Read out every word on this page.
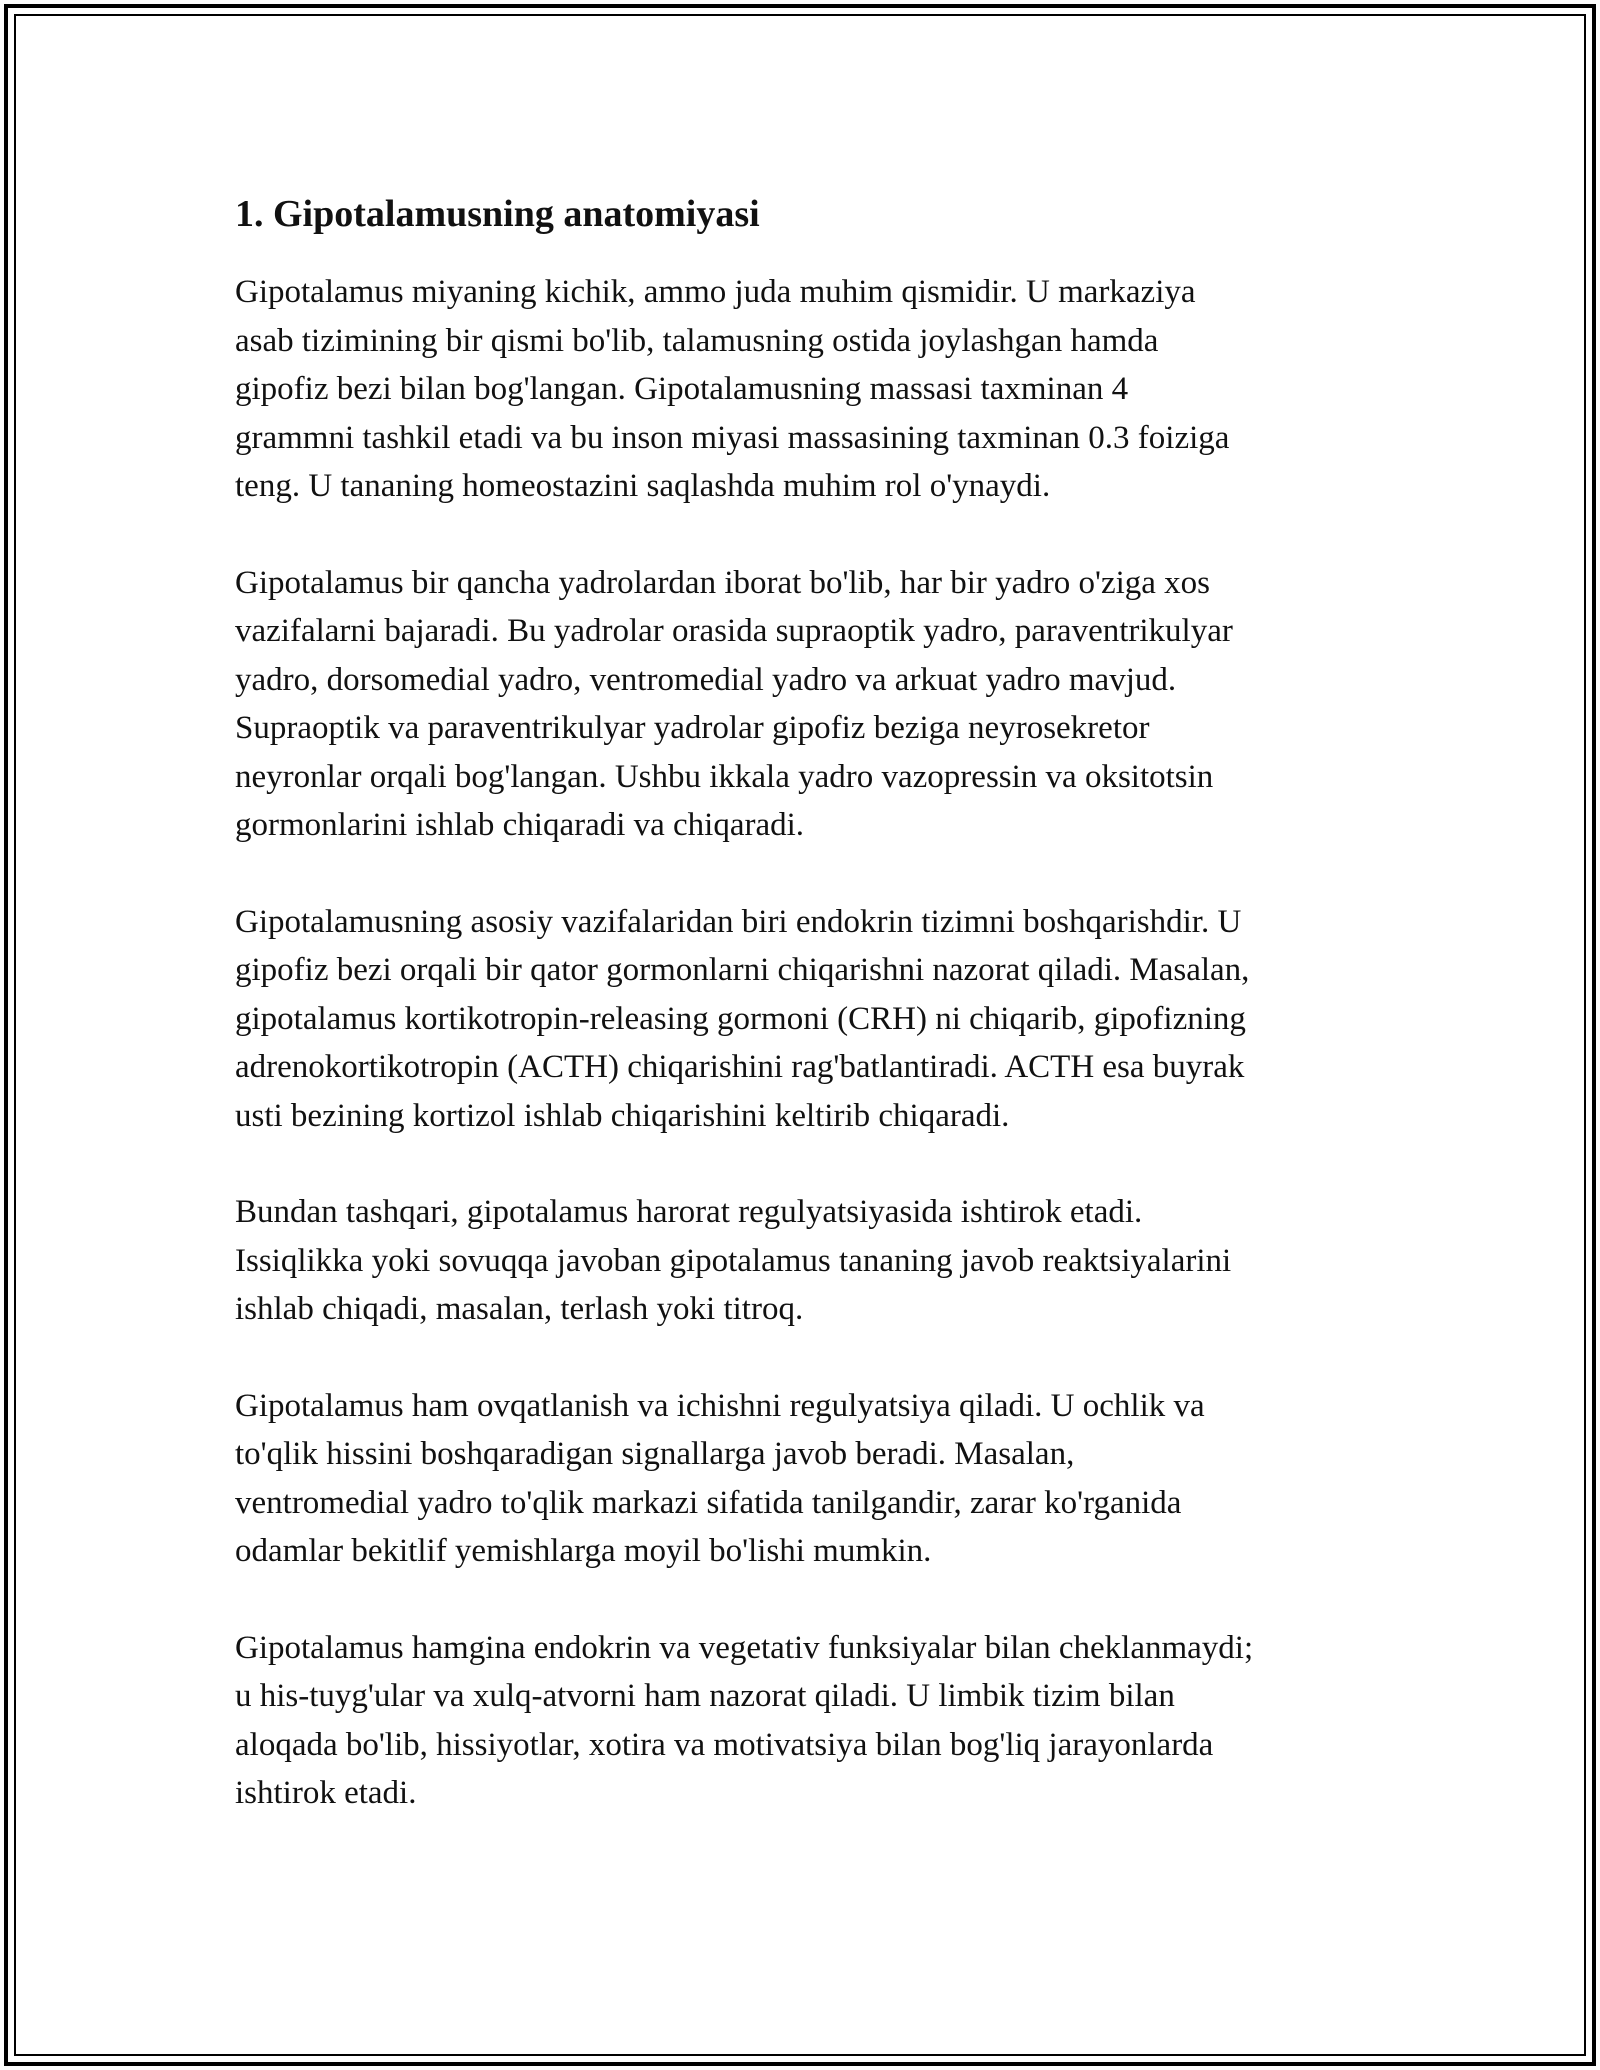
1. Gipotalamusning anatomiyasi

Gipotalamus miyaning kichik, ammo juda muhim qismidir. U markaziya
asab tizimining bir qismi bo'lib, talamusning ostida joylashgan hamda
gipofiz bezi bilan bog'langan. Gipotalamusning massasi taxminan 4
grammni tashkil etadi va bu inson miyasi massasining taxminan 0.3 foiziga
teng. U tananing homeostazini saqlashda muhim rol o'ynaydi.

Gipotalamus bir qancha yadrolardan iborat bo'lib, har bir yadro o'ziga xos
vazifalarni bajaradi. Bu yadrolar orasida supraoptik yadro, paraventrikulyar
yadro, dorsomedial yadro, ventromedial yadro va arkuat yadro mavjud.
Supraoptik va paraventrikulyar yadrolar gipofiz beziga neyrosekretor
neyronlar orqali bog'langan. Ushbu ikkala yadro vazopressin va oksitotsin
gormonlarini ishlab chiqaradi va chiqaradi.

Gipotalamusning asosiy vazifalaridan biri endokrin tizimni boshqarishdir. U
gipofiz bezi orqali bir qator gormonlarni chiqarishni nazorat qiladi. Masalan,
gipotalamus kortikotropin-releasing gormoni (CRH) ni chiqarib, gipofizning
adrenokortikotropin (ACTH) chiqarishini rag'batlantiradi. ACTH esa buyrak
usti bezining kortizol ishlab chiqarishini keltirib chiqaradi.

Bundan tashqari, gipotalamus harorat regulyatsiyasida ishtirok etadi.
Issiqlikka yoki sovuqqa javoban gipotalamus tananing javob reaktsiyalarini
ishlab chiqadi, masalan, terlash yoki titroq.

Gipotalamus ham ovqatlanish va ichishni regulyatsiya qiladi. U ochlik va
to'qlik hissini boshqaradigan signallarga javob beradi. Masalan,
ventromedial yadro to'qlik markazi sifatida tanilgandir, zarar ko'rganida
odamlar bekitlif yemishlarga moyil bo'lishi mumkin.

Gipotalamus hamgina endokrin va vegetativ funksiyalar bilan cheklanmaydi;
u his-tuyg'ular va xulq-atvorni ham nazorat qiladi. U limbik tizim bilan
aloqada bo'lib, hissiyotlar, xotira va motivatsiya bilan bog'liq jarayonlarda
ishtirok etadi.
